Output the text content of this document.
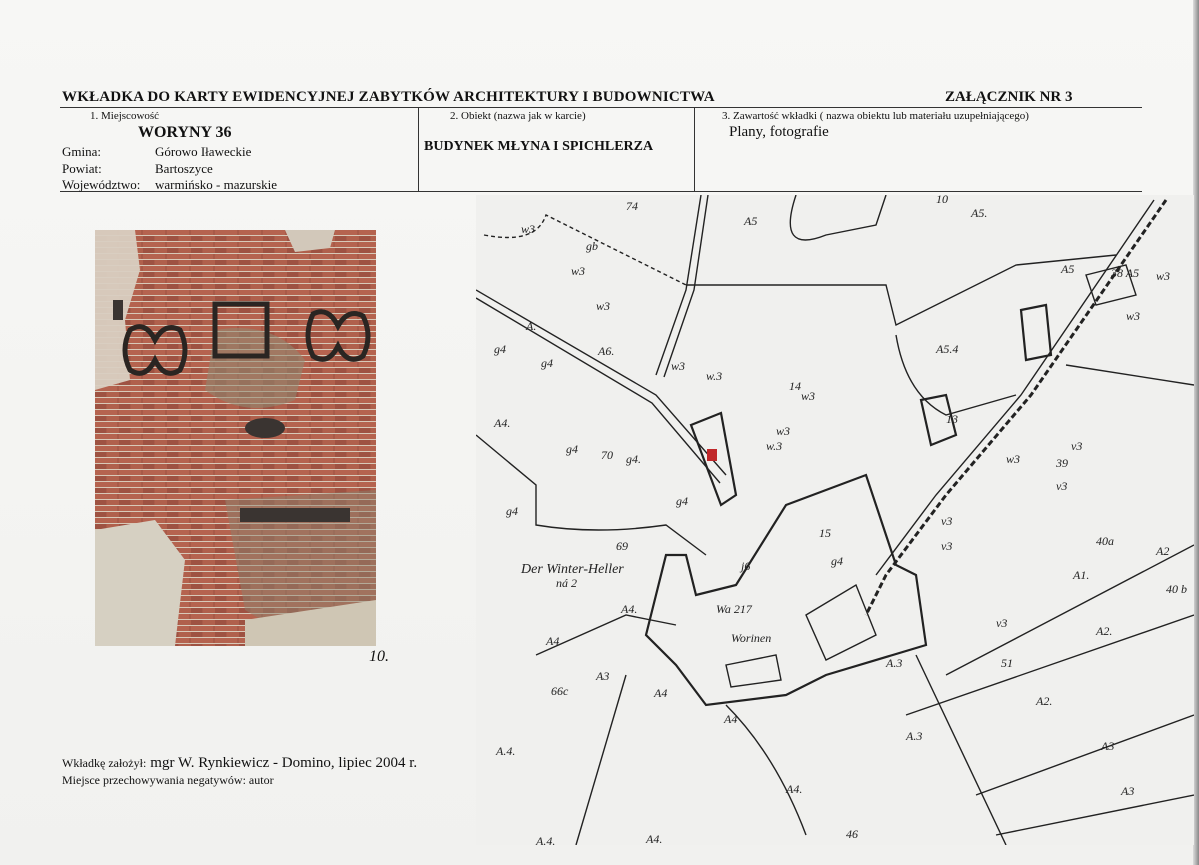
WKŁADKA DO KARTY EWIDENCYJNEJ ZABYTKÓW ARCHITEKTURY I BUDOWNICTWA	ZAŁĄCZNIK NR 3
1. Miejscowość
WORYNY 36
Gmina:	Górowo Iławeckie
Powiat:	Bartoszyce
Województwo: warmińsko - mazurskie
2. Obiekt (nazwa jak w karcie)
BUDYNEK MŁYNA I SPICHLERZA
3. Zawartość wkładki ( nazwa obiektu lub materiału uzupełniającego)
Plany, fotografie
10.
74
A5
10
A5.
w3
gb
w3
w3
A5	38 A5 w3
w3
A.
A6.
g4
g4	w3
w.3
A5.4
14
w3
A4.
g4 70 g4.
w3
w.3
13
v3
w3	39
g4
v3
g4
15
v3
j6
69	v3	40a
A2
Der Winter-Heller
ná 2
g4
A1.
40 b
A4.	Wa 217
Worinen
v3
A2.
A4
A.3
66c
A3
51
A4
A4
A2.
A3
A.4.
A3
A.3
A.4.
A4.
A4.	46
Wkładkę założył: mgr W. Rynkiewicz - Domino, lipiec 2004 r.
Miejsce przechowywania negatywów: autor
